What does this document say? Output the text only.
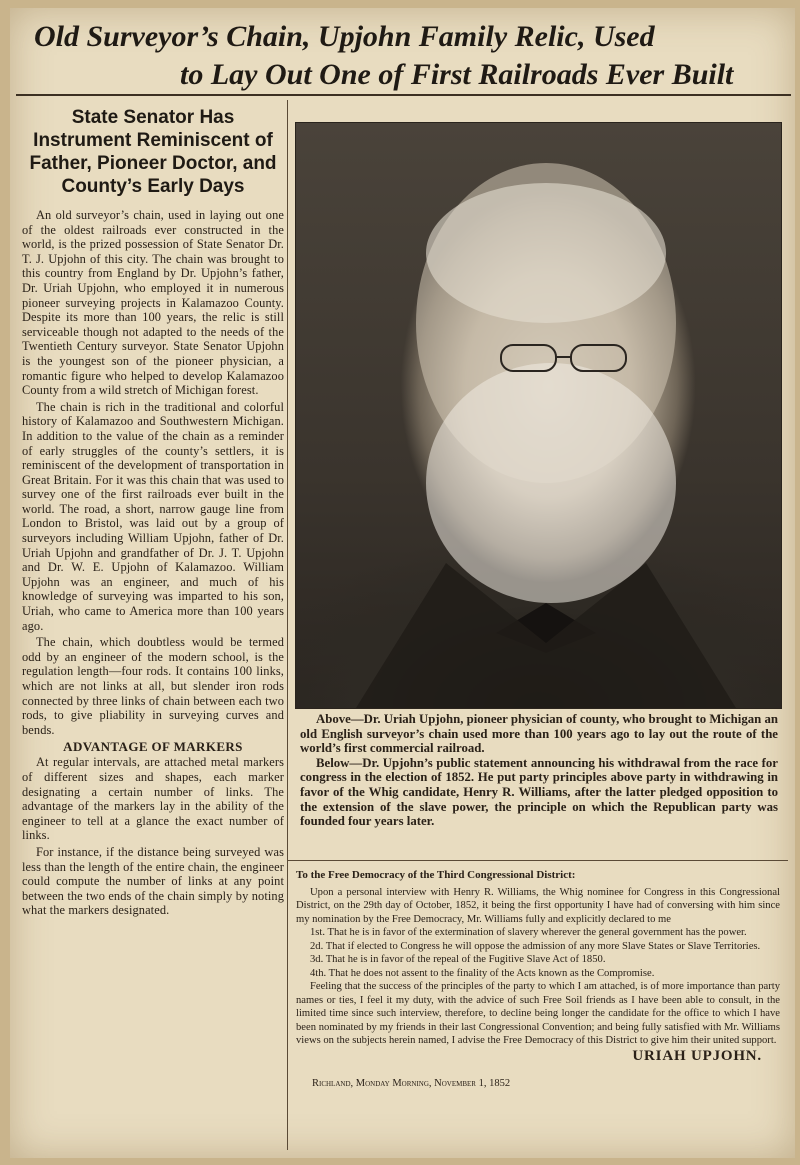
Old Surveyor’s Chain, Upjohn Family Relic, Used
to Lay Out One of First Railroads Ever Built
State Senator Has Instrument Reminiscent of Father, Pioneer Doctor, and County’s Early Days

An old surveyor’s chain, used in laying out one of the oldest railroads ever constructed in the world, is the prized possession of State Senator Dr. T. J. Upjohn of this city. The chain was brought to this country from England by Dr. Upjohn’s father, Dr. Uriah Upjohn, who employed it in numerous pioneer surveying projects in Kalamazoo County. Despite its more than 100 years, the relic is still serviceable though not adapted to the needs of the Twentieth Century surveyor. State Senator Upjohn is the youngest son of the pioneer physician, a romantic figure who helped to develop Kalamazoo County from a wild stretch of Michigan forest.

The chain is rich in the traditional and colorful history of Kalamazoo and Southwestern Michigan. In addition to the value of the chain as a reminder of early struggles of the county’s settlers, it is reminiscent of the development of transportation in Great Britain. For it was this chain that was used to survey one of the first railroads ever built in the world. The road, a short, narrow gauge line from London to Bristol, was laid out by a group of surveyors including William Upjohn, father of Dr. Uriah Upjohn and grandfather of Dr. J. T. Upjohn and Dr. W. E. Upjohn of Kalamazoo. William Upjohn was an engineer, and much of his knowledge of surveying was imparted to his son, Uriah, who came to America more than 100 years ago.

The chain, which doubtless would be termed odd by an engineer of the modern school, is the regulation length—four rods. It contains 100 links, which are not links at all, but slender iron rods connected by three links of chain between each two rods, to give pliability in surveying curves and bends.

ADVANTAGE OF MARKERS

At regular intervals, are attached metal markers of different sizes and shapes, each marker designating a certain number of links. The advantage of the markers lay in the ability of the engineer to tell at a glance the exact number of links.

For instance, if the distance being surveyed was less than the length of the entire chain, the engineer could compute the number of links at any point between the two ends of the chain simply by noting what the markers designated.

Above—Dr. Uriah Upjohn, pioneer physician of county, who brought to Michigan an old English surveyor’s chain used more than 100 years ago to lay out the route of the world’s first commercial railroad.

Below—Dr. Upjohn’s public statement announcing his withdrawal from the race for congress in the election of 1852. He put party principles above party in withdrawing in favor of the Whig candidate, Henry R. Williams, after the latter pledged opposition to the extension of the slave power, the principle on which the Republican party was founded four years later.

To the Free Democracy of the Third Congressional District:

Upon a personal interview with Henry R. Williams, the Whig nominee for Congress in this Congressional District, on the 29th day of October, 1852, it being the first opportunity I have had of conversing with him since my nomination by the Free Democracy, Mr. Williams fully and explicitly declared to me

1st. That he is in favor of the extermination of slavery wherever the general government has the power.

2d. That if elected to Congress he will oppose the admission of any more Slave States or Slave Territories.

3d. That he is in favor of the repeal of the Fugitive Slave Act of 1850.

4th. That he does not assent to the finality of the Acts known as the Compromise.

Feeling that the success of the principles of the party to which I am attached, is of more importance than party names or ties, I feel it my duty, with the advice of such Free Soil friends as I have been able to consult, in the limited time since such interview, therefore, to decline being longer the candidate for the office to which I have been nominated by my friends in their last Congressional Convention; and being fully satisfied with Mr. Williams views on the subjects herein named, I advise the Free Democracy of this District to give him their united support.

URIAH UPJOHN.
Richland, Monday Morning, November 1, 1852
